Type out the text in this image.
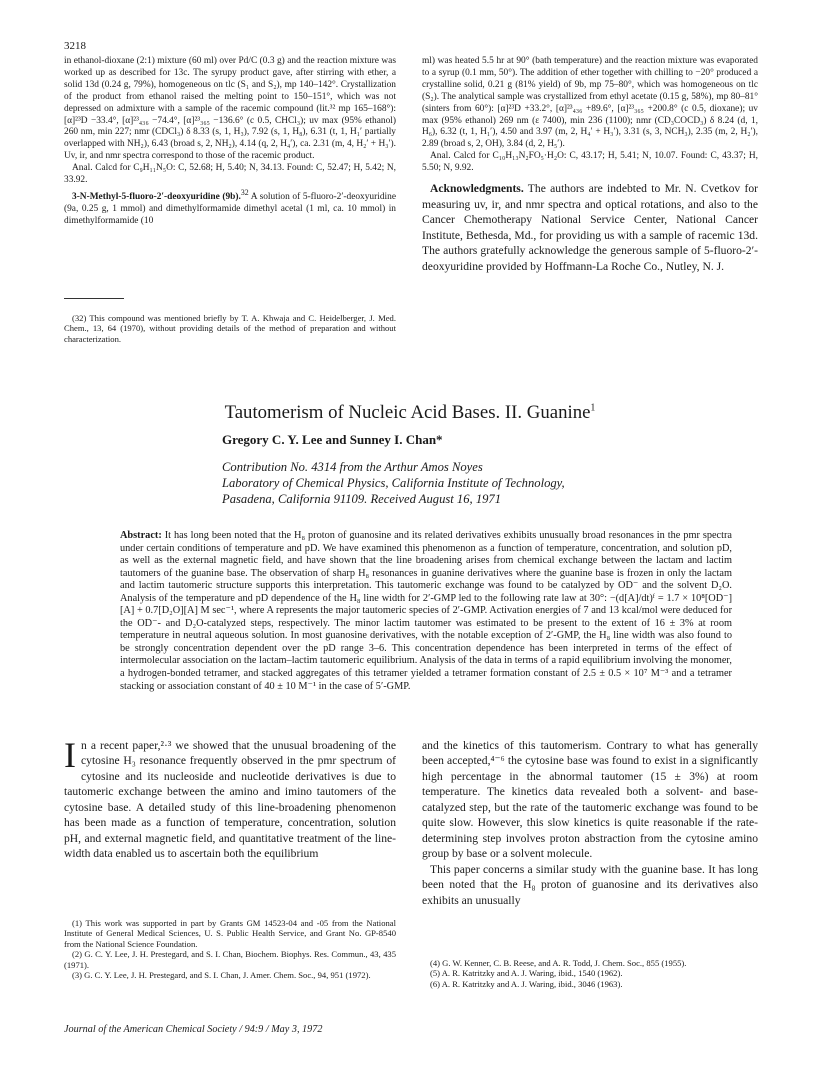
3218

in ethanol-dioxane (2:1) mixture (60 ml) over Pd/C (0.3 g) and the reaction mixture was worked up as described for 13c. The syrupy product gave, after stirring with ether, a solid 13d (0.24 g, 79%), homogeneous on tlc (S₁ and S₂), mp 140–142°. Crystallization of the product from ethanol raised the melting point to 150–151°, which was not depressed on admixture with a sample of the racemic compound (lit.³² mp 165–168°): [α]²³D −33.4°, [α]²³₄₃₆ −74.4°, [α]²³₃₆₅ −136.6° (c 0.5, CHCl₃); uv max (95% ethanol) 260 nm, min 227; nmr (CDCl₃) δ 8.33 (s, 1, H₃), 7.92 (s, 1, H₈), 6.31 (t, 1, H₁′ partially overlapped with NH₂), 6.43 (broad s, 2, NH₂), 4.14 (q, 2, H₄′), ca. 2.31 (m, 4, H₂′ + H₃′). Uv, ir, and nmr spectra correspond to those of the racemic product.

Anal. Calcd for C₉H₁₁N₅O: C, 52.68; H, 5.40; N, 34.13. Found: C, 52.47; H, 5.42; N, 33.92.

3-N-Methyl-5-fluoro-2′-deoxyuridine (9b).$^{32}$ A solution of 5-fluoro-2′-deoxyuridine (9a, 0.25 g, 1 mmol) and dimethylformamide dimethyl acetal (1 ml, ca. 10 mmol) in dimethylformamide (10

ml) was heated 5.5 hr at 90° (bath temperature) and the reaction mixture was evaporated to a syrup (0.1 mm, 50°). The addition of ether together with chilling to −20° produced a crystalline solid, 0.21 g (81% yield) of 9b, mp 75–80°, which was homogeneous on tlc (S₂). The analytical sample was crystallized from ethyl acetate (0.15 g, 58%), mp 80–81° (sinters from 60°): [α]²³D +33.2°, [α]²³₄₃₆ +89.6°, [α]²³₃₆₅ +200.8° (c 0.5, dioxane); uv max (95% ethanol) 269 nm (ε 7400), min 236 (1100); nmr (CD₃COCD₃) δ 8.24 (d, 1, H₆), 6.32 (t, 1, H₁′), 4.50 and 3.97 (m, 2, H₄′ + H₃′), 3.31 (s, 3, NCH₃), 2.35 (m, 2, H₂′), 2.89 (broad s, 2, OH), 3.84 (d, 2, H₅′).

Anal. Calcd for C₁₀H₁₃N₂FO₅·H₂O: C, 43.17; H, 5.41; N, 10.07. Found: C, 43.37; H, 5.50; N, 9.92.

Acknowledgments. The authors are indebted to Mr. N. Cvetkov for measuring uv, ir, and nmr spectra and optical rotations, and also to the Cancer Chemotherapy National Service Center, National Cancer Institute, Bethesda, Md., for providing us with a sample of racemic 13d. The authors gratefully acknowledge the generous sample of 5-fluoro-2′-deoxyuridine provided by Hoffmann-La Roche Co., Nutley, N. J.

(32) This compound was mentioned briefly by T. A. Khwaja and C. Heidelberger, J. Med. Chem., 13, 64 (1970), without providing details of the method of preparation and without characterization.

Tautomerism of Nucleic Acid Bases. II. Guanine$^1$
Gregory C. Y. Lee and Sunney I. Chan*
Contribution No. 4314 from the Arthur Amos Noyes
Laboratory of Chemical Physics, California Institute of Technology,
Pasadena, California 91109. Received August 16, 1971
Abstract: It has long been noted that the H₈ proton of guanosine and its related derivatives exhibits unusually broad resonances in the pmr spectra under certain conditions of temperature and pD. We have examined this phenomenon as a function of temperature, concentration, and solution pD, as well as the external magnetic field, and have shown that the line broadening arises from chemical exchange between the lactam and lactim tautomers of the guanine base. The observation of sharp H₈ resonances in guanine derivatives where the guanine base is frozen in only the lactam and lactim tautomeric structure supports this interpretation. This tautomeric exchange was found to be catalyzed by OD⁻ and the solvent D₂O. Analysis of the temperature and pD dependence of the H₈ line width for 2′-GMP led to the following rate law at 30°: −(d[A]/dt)ᶠ = 1.7 × 10⁸[OD⁻][A] + 0.7[D₂O][A] M sec⁻¹, where A represents the major tautomeric species of 2′-GMP. Activation energies of 7 and 13 kcal/mol were deduced for the OD⁻- and D₂O-catalyzed steps, respectively. The minor lactim tautomer was estimated to be present to the extent of 16 ± 3% at room temperature in neutral aqueous solution. In most guanosine derivatives, with the notable exception of 2′-GMP, the H₈ line width was also found to be strongly concentration dependent over the pD range 3–6. This concentration dependence has been interpreted in terms of the effect of intermolecular association on the lactam–lactim tautomeric equilibrium. Analysis of the data in terms of a rapid equilibrium involving the monomer, a hydrogen-bonded tetramer, and stacked aggregates of this tetramer yielded a tetramer formation constant of 2.5 ± 0.5 × 10⁷ M⁻³ and a tetramer stacking or association constant of 40 ± 10 M⁻¹ in the case of 5′-GMP.

In a recent paper,²·³ we showed that the unusual broadening of the cytosine H₃ resonance frequently observed in the pmr spectrum of cytosine and its nucleoside and nucleotide derivatives is due to tautomeric exchange between the amino and imino tautomers of the cytosine base. A detailed study of this line-broadening phenomenon has been made as a function of temperature, concentration, solution pH, and external magnetic field, and quantitative treatment of the line-width data enabled us to ascertain both the equilibrium

and the kinetics of this tautomerism. Contrary to what has generally been accepted,⁴⁻⁶ the cytosine base was found to exist in a significantly high percentage in the abnormal tautomer (15 ± 3%) at room temperature. The kinetics data revealed both a solvent- and base-catalyzed step, but the rate of the tautomeric exchange was found to be quite slow. However, this slow kinetics is quite reasonable if the rate-determining step involves proton abstraction from the cytosine amino group by base or a solvent molecule.

This paper concerns a similar study with the guanine base. It has long been noted that the H₈ proton of guanosine and its derivatives also exhibits an unusually

(1) This work was supported in part by Grants GM 14523-04 and -05 from the National Institute of General Medical Sciences, U. S. Public Health Service, and Grant No. GP-8540 from the National Science Foundation.

(2) G. C. Y. Lee, J. H. Prestegard, and S. I. Chan, Biochem. Biophys. Res. Commun., 43, 435 (1971).

(3) G. C. Y. Lee, J. H. Prestegard, and S. I. Chan, J. Amer. Chem. Soc., 94, 951 (1972).

(4) G. W. Kenner, C. B. Reese, and A. R. Todd, J. Chem. Soc., 855 (1955).

(5) A. R. Katritzky and A. J. Waring, ibid., 1540 (1962).

(6) A. R. Katritzky and A. J. Waring, ibid., 3046 (1963).

Journal of the American Chemical Society / 94:9 / May 3, 1972
